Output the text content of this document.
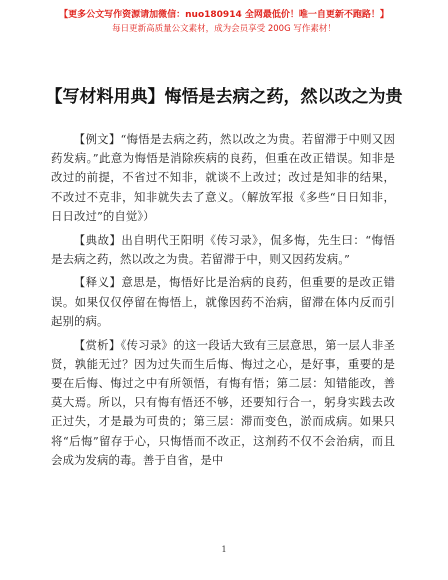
【更多公文写作资源请加微信：nuo180914 全网最低价！唯一自更新不跑路！】
每日更新高质量公文素材，成为会员享受 200G 写作素材！
【写材料用典】悔悟是去病之药，然以改之为贵

【例文】“悔悟是去病之药，然以改之为贵。若留滞于中则又因药发病。”此意为悔悟是消除疾病的良药，但重在改正错误。知非是改过的前提，不省过不知非，就谈不上改过；改过是知非的结果，不改过不克非，知非就失去了意义。（解放军报《多些“日日知非，日日改过”的自觉》）

【典故】出自明代王阳明《传习录》，侃多悔，先生曰：“悔悟是去病之药，然以改之为贵。若留滞于中，则又因药发病。”

【释义】意思是，悔悟好比是治病的良药，但重要的是改正错误。如果仅仅停留在悔悟上，就像因药不治病，留滞在体内反而引起别的病。

【赏析】《传习录》的这一段话大致有三层意思，第一层人非圣贤，孰能无过？因为过失而生后悔、悔过之心，是好事，重要的是要在后悔、悔过之中有所领悟，有悔有悟；第二层：知错能改，善莫大焉。所以，只有悔有悟还不够，还要知行合一，躬身实践去改正过失，才是最为可贵的；第三层：滞而变色，淤而成病。如果只将“后悔”留存于心，只悔悟而不改正，这剂药不仅不会治病，而且会成为发病的毒。善于自省，是中

1
